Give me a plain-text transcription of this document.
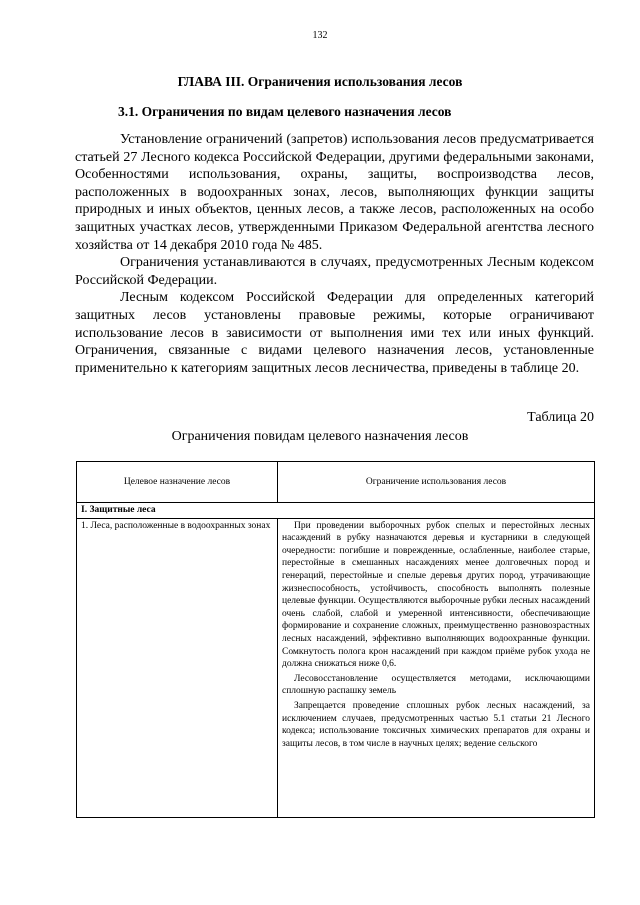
132
ГЛАВА III. Ограничения использования лесов
3.1. Ограничения по видам целевого назначения лесов

Установление ограничений (запретов) использования лесов предусматривается статьей 27 Лесного кодекса Российской Федерации, другими федеральными законами, Особенностями использования, охраны, защиты, воспроизводства лесов, расположенных в водоохранных зонах, лесов, выполняющих функции защиты природных и иных объектов, ценных лесов, а также лесов, расположенных на особо защитных участках лесов, утвержденными Приказом Федеральной агентства лесного хозяйства от 14 декабря 2010 года № 485.

Ограничения устанавливаются в случаях, предусмотренных Лесным кодексом Российской Федерации.

Лесным кодексом Российской Федерации для определенных категорий защитных лесов установлены правовые режимы, которые ограничивают использование лесов в зависимости от выполнения ими тех или иных функций. Ограничения, связанные с видами целевого назначения лесов, установленные применительно к категориям защитных лесов лесничества, приведены в таблице 20.

Таблица 20
Ограничения повидам целевого назначения лесов
Целевое назначение лесов	Ограничение использования лесов
I. Защитные леса	
1. Леса, расположенные в водоохранных зонах	При проведении выборочных рубок спелых и перестойных лесных насаждений в рубку назначаются деревья и кустарники в следующей очередности: погибшие и поврежденные, ослабленные, наиболее старые, перестойные в смешанных насаждениях менее долговечных пород и генераций, перестойные и спелые деревья других пород, утрачивающие жизнеспособность, устойчивость, способность выполнять полезные целевые функции. Осуществляются выборочные рубки лесных насаждений очень слабой, слабой и умеренной интенсивности, обеспечивающие формирование и сохранение сложных, преимущественно разновозрастных лесных насаждений, эффективно выполняющих водоохранные функции. Сомкнутость полога крон насаждений при каждом приёме рубок ухода не должна снижаться ниже 0,6.

Лесовосстановление осуществляется методами, исключающими сплошную распашку земель

Запрещается проведение сплошных рубок лесных насаждений, за исключением случаев, предусмотренных частью 5.1 статьи 21 Лесного кодекса; использование токсичных химических препаратов для охраны и защиты лесов, в том числе в научных целях; ведение сельского
